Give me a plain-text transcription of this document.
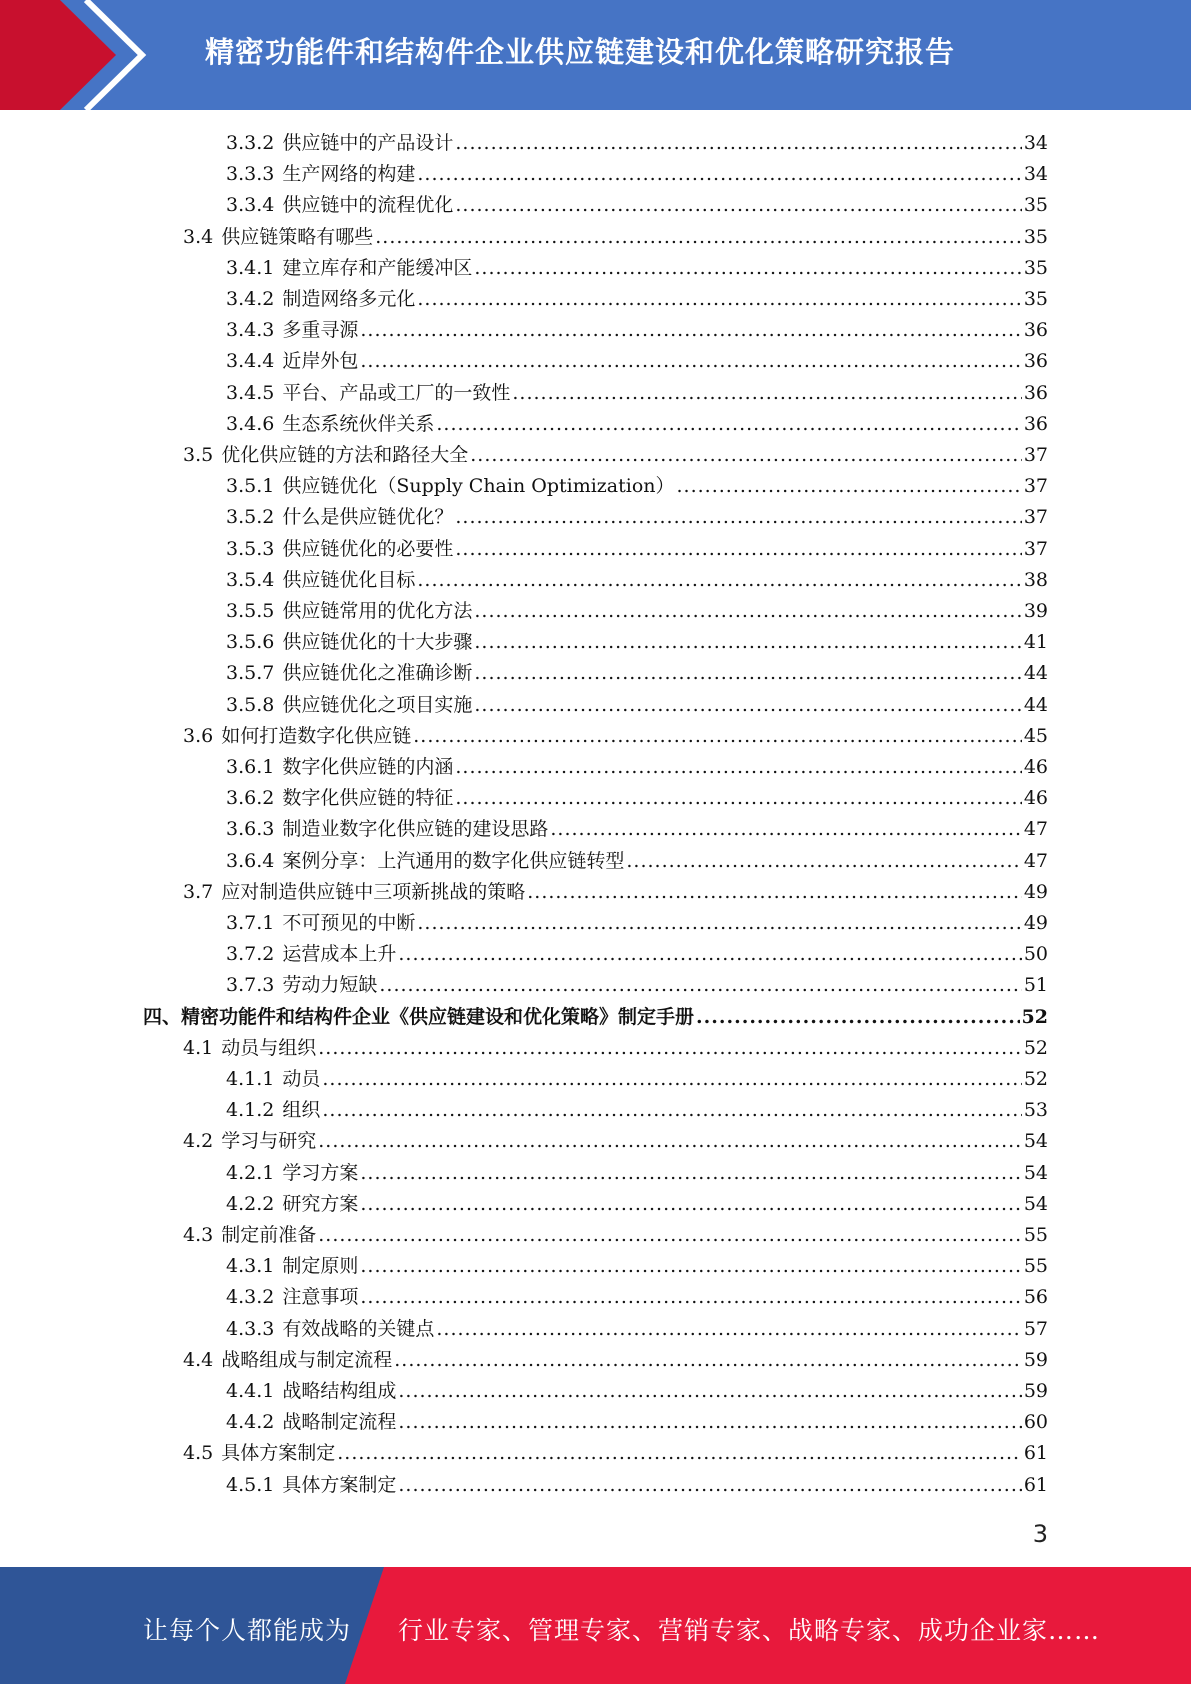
精密功能件和结构件企业供应链建设和优化策略研究报告
3.3.2 供应链中的产品设计 .....	34
3.3.3 生产网络的构建 .....	34
3.3.4 供应链中的流程优化 .....	35
3.4 供应链策略有哪些 .....	35
3.4.1 建立库存和产能缓冲区 .....	35
3.4.2 制造网络多元化 .....	35
3.4.3 多重寻源 .....	36
3.4.4 近岸外包 .....	36
3.4.5 平台、产品或工厂的一致性 .....	36
3.4.6 生态系统伙伴关系 .....	36
3.5 优化供应链的方法和路径大全 .....	37
3.5.1 供应链优化（Supply Chain Optimization） .....	37
3.5.2 什么是供应链优化？ .....	37
3.5.3 供应链优化的必要性 .....	37
3.5.4 供应链优化目标 .....	38
3.5.5 供应链常用的优化方法 .....	39
3.5.6 供应链优化的十大步骤 .....	41
3.5.7 供应链优化之准确诊断 .....	44
3.5.8 供应链优化之项目实施 .....	44
3.6 如何打造数字化供应链 .....	45
3.6.1 数字化供应链的内涵 .....	46
3.6.2 数字化供应链的特征 .....	46
3.6.3 制造业数字化供应链的建设思路 .....	47
3.6.4 案例分享：上汽通用的数字化供应链转型 .....	47
3.7 应对制造供应链中三项新挑战的策略 .....	49
3.7.1 不可预见的中断 .....	49
3.7.2 运营成本上升 .....	50
3.7.3 劳动力短缺 .....	51
四、精密功能件和结构件企业《供应链建设和优化策略》制定手册 .....	52
4.1 动员与组织 .....	52
4.1.1 动员 .....	52
4.1.2 组织 .....	53
4.2 学习与研究 .....	54
4.2.1 学习方案 .....	54
4.2.2 研究方案 .....	54
4.3 制定前准备 .....	55
4.3.1 制定原则 .....	55
4.3.2 注意事项 .....	56
4.3.3 有效战略的关键点 .....	57
4.4 战略组成与制定流程 .....	59
4.4.1 战略结构组成 .....	59
4.4.2 战略制定流程 .....	60
4.5 具体方案制定 .....	61
4.5.1 具体方案制定 .....	61
3
让每个人都能成为 行业专家、管理专家、营销专家、战略专家、成功企业家……
